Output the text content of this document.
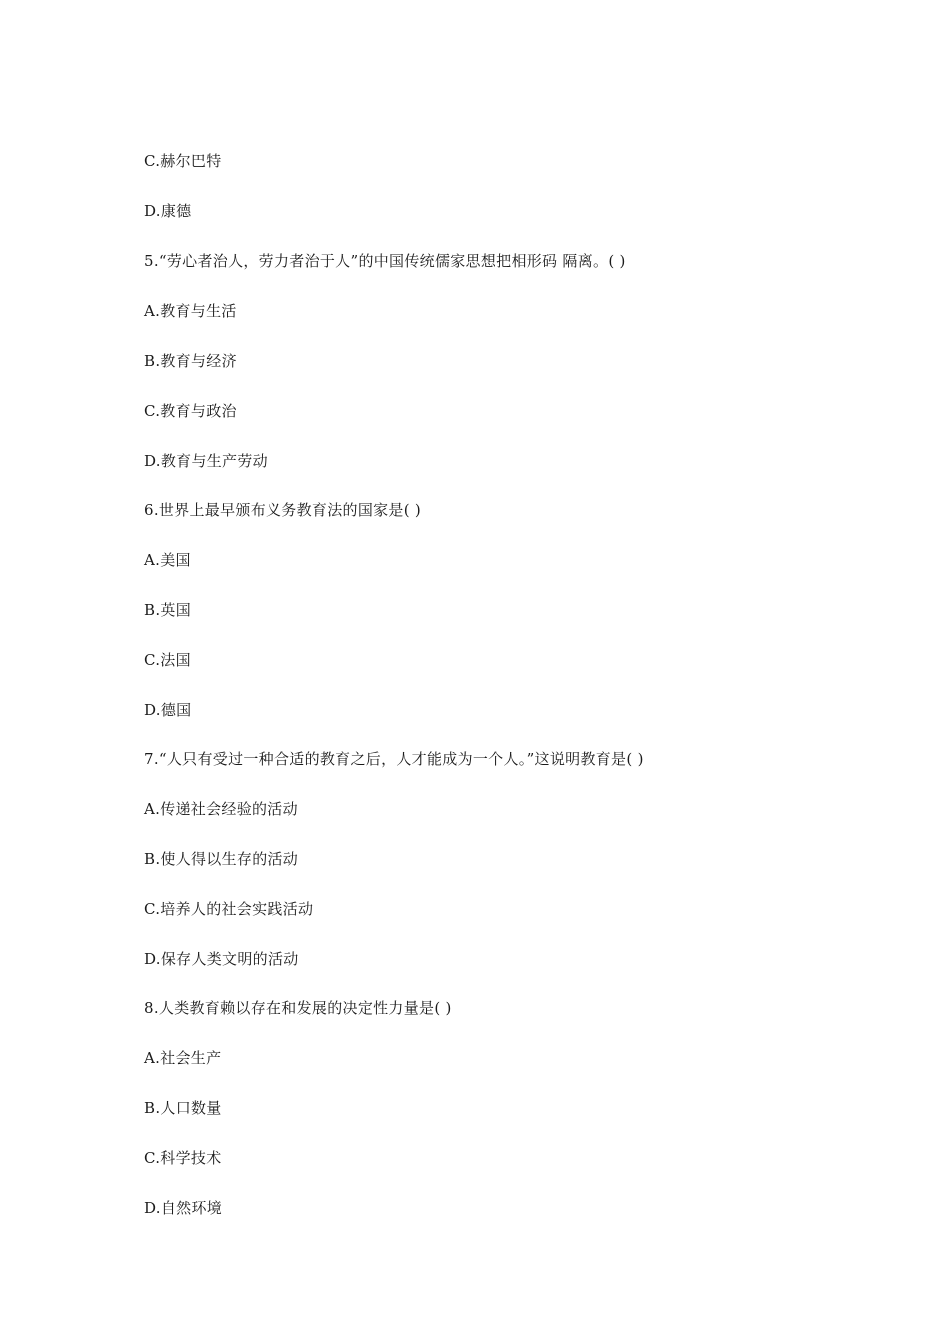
C.赫尔巴特
D.康德
5.“劳心者治人，劳力者治于人”的中国传统儒家思想把相形码 隔离。( )
A.教育与生活
B.教育与经济
C.教育与政治
D.教育与生产劳动
6.世界上最早颁布义务教育法的国家是( )
A.美国
B.英国
C.法国
D.德国
7.“人只有受过一种合适的教育之后，人才能成为一个人。”这说明教育是( )
A.传递社会经验的活动
B.使人得以生存的活动
C.培养人的社会实践活动
D.保存人类文明的活动
8.人类教育赖以存在和发展的决定性力量是( )
A.社会生产
B.人口数量
C.科学技术
D.自然环境
